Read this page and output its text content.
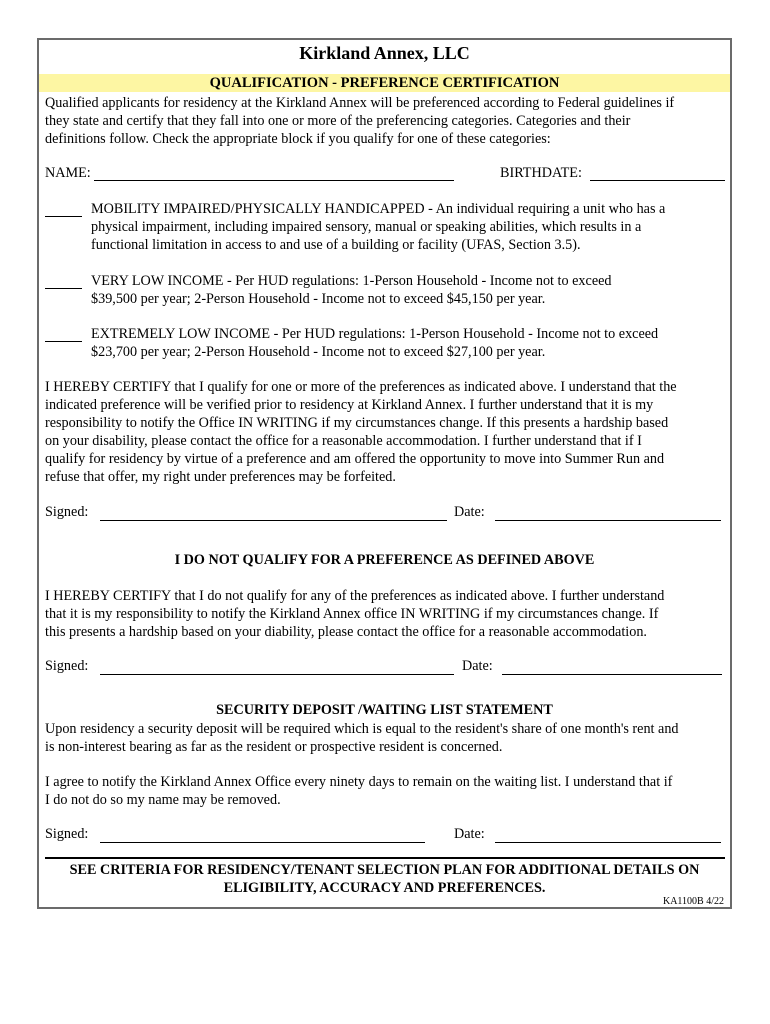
Kirkland Annex, LLC
QUALIFICATION - PREFERENCE CERTIFICATION
Qualified applicants for residency at the Kirkland Annex will be preferenced according to Federal guidelines if
they state and certify that they fall into one or more of the preferencing categories. Categories and their
definitions follow. Check the appropriate block if you qualify for one of these categories:
NAME:	BIRTHDATE:
MOBILITY IMPAIRED/PHYSICALLY HANDICAPPED - An individual requiring a unit who has a
physical impairment, including impaired sensory, manual or speaking abilities, which results in a
functional limitation in access to and use of a building or facility (UFAS, Section 3.5).
VERY LOW INCOME - Per HUD regulations: 1-Person Household - Income not to exceed
$39,500 per year; 2-Person Household - Income not to exceed $45,150 per year.
EXTREMELY LOW INCOME - Per HUD regulations: 1-Person Household - Income not to exceed
$23,700 per year; 2-Person Household - Income not to exceed $27,100 per year.
I HEREBY CERTIFY that I qualify for one or more of the preferences as indicated above. I understand that the
indicated preference will be verified prior to residency at Kirkland Annex. I further understand that it is my
responsibility to notify the Office IN WRITING if my circumstances change. If this presents a hardship based
on your disability, please contact the office for a reasonable accommodation. I further understand that if I
qualify for residency by virtue of a preference and am offered the opportunity to move into Summer Run and
refuse that offer, my right under preferences may be forfeited.
Signed:	Date:
I DO NOT QUALIFY FOR A PREFERENCE AS DEFINED ABOVE
I HEREBY CERTIFY that I do not qualify for any of the preferences as indicated above. I further understand
that it is my responsibility to notify the Kirkland Annex office IN WRITING if my circumstances change. If
this presents a hardship based on your diability, please contact the office for a reasonable accommodation.
Signed:	Date:
SECURITY DEPOSIT /WAITING LIST STATEMENT
Upon residency a security deposit will be required which is equal to the resident's share of one month's rent and
is non-interest bearing as far as the resident or prospective resident is concerned.
I agree to notify the Kirkland Annex Office every ninety days to remain on the waiting list. I understand that if
I do not do so my name may be removed.
Signed:	Date:
SEE CRITERIA FOR RESIDENCY/TENANT SELECTION PLAN FOR ADDITIONAL DETAILS ON
ELIGIBILITY, ACCURACY AND PREFERENCES.
KA1100B 4/22
